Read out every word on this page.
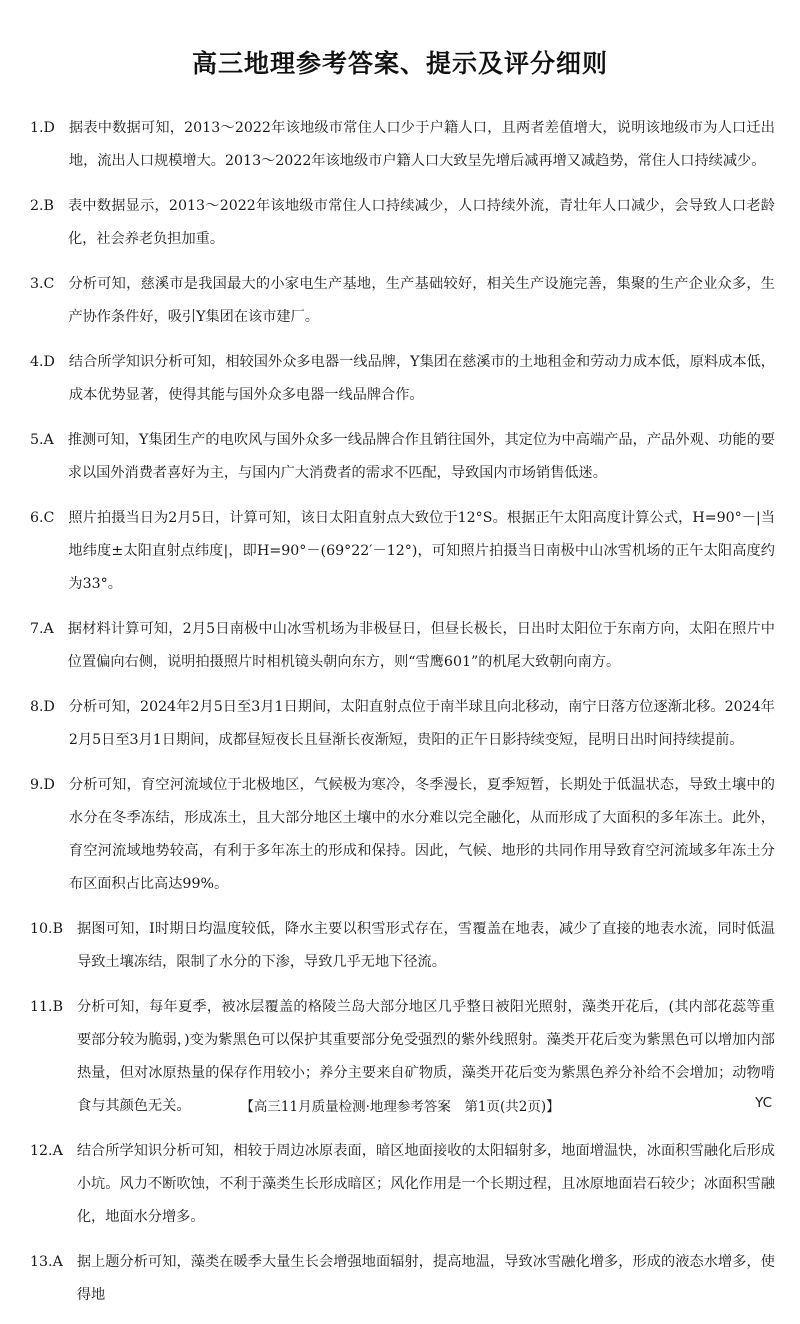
高三地理参考答案、提示及评分细则
1.D 据表中数据可知，2013～2022年该地级市常住人口少于户籍人口，且两者差值增大，说明该地级市为人口迁出地，流出人口规模增大。2013～2022年该地级市户籍人口大致呈先增后减再增又减趋势，常住人口持续减少。
2.B 表中数据显示，2013～2022年该地级市常住人口持续减少，人口持续外流，青壮年人口减少，会导致人口老龄化，社会养老负担加重。
3.C 分析可知，慈溪市是我国最大的小家电生产基地，生产基础较好，相关生产设施完善，集聚的生产企业众多，生产协作条件好，吸引Y集团在该市建厂。
4.D 结合所学知识分析可知，相较国外众多电器一线品牌，Y集团在慈溪市的土地租金和劳动力成本低，原料成本低，成本优势显著，使得其能与国外众多电器一线品牌合作。
5.A 推测可知，Y集团生产的电吹风与国外众多一线品牌合作且销往国外，其定位为中高端产品，产品外观、功能的要求以国外消费者喜好为主，与国内广大消费者的需求不匹配，导致国内市场销售低迷。
6.C 照片拍摄当日为2月5日，计算可知，该日太阳直射点大致位于12°S。根据正午太阳高度计算公式，H=90°－|当地纬度±太阳直射点纬度|，即H=90°－(69°22′－12°)，可知照片拍摄当日南极中山冰雪机场的正午太阳高度约为33°。
7.A 据材料计算可知，2月5日南极中山冰雪机场为非极昼日，但昼长极长，日出时太阳位于东南方向，太阳在照片中位置偏向右侧，说明拍摄照片时相机镜头朝向东方，则“雪鹰601”的机尾大致朝向南方。
8.D 分析可知，2024年2月5日至3月1日期间，太阳直射点位于南半球且向北移动，南宁日落方位逐渐北移。2024年2月5日至3月1日期间，成都昼短夜长且昼渐长夜渐短，贵阳的正午日影持续变短，昆明日出时间持续提前。
9.D 分析可知，育空河流域位于北极地区，气候极为寒冷，冬季漫长，夏季短暂，长期处于低温状态，导致土壤中的水分在冬季冻结，形成冻土，且大部分地区土壤中的水分难以完全融化，从而形成了大面积的多年冻土。此外，育空河流域地势较高，有利于多年冻土的形成和保持。因此，气候、地形的共同作用导致育空河流域多年冻土分布区面积占比高达99%。
10.B 据图可知，Ⅰ时期日均温度较低，降水主要以积雪形式存在，雪覆盖在地表，减少了直接的地表水流，同时低温导致土壤冻结，限制了水分的下渗，导致几乎无地下径流。
11.B 分析可知，每年夏季，被冰层覆盖的格陵兰岛大部分地区几乎整日被阳光照射，藻类开花后，(其内部花蕊等重要部分较为脆弱，)变为紫黑色可以保护其重要部分免受强烈的紫外线照射。藻类开花后变为紫黑色可以增加内部热量，但对冰原热量的保存作用较小；养分主要来自矿物质，藻类开花后变为紫黑色养分补给不会增加；动物啃食与其颜色无关。
12.A 结合所学知识分析可知，相较于周边冰原表面，暗区地面接收的太阳辐射多，地面增温快，冰面积雪融化后形成小坑。风力不断吹蚀，不利于藻类生长形成暗区；风化作用是一个长期过程，且冰原地面岩石较少；冰面积雪融化，地面水分增多。
13.A 据上题分析可知，藻类在暖季大量生长会增强地面辐射，提高地温，导致冰雪融化增多，形成的液态水增多，使得地
【高三11月质量检测·地理参考答案　第1页(共2页)】	YC
